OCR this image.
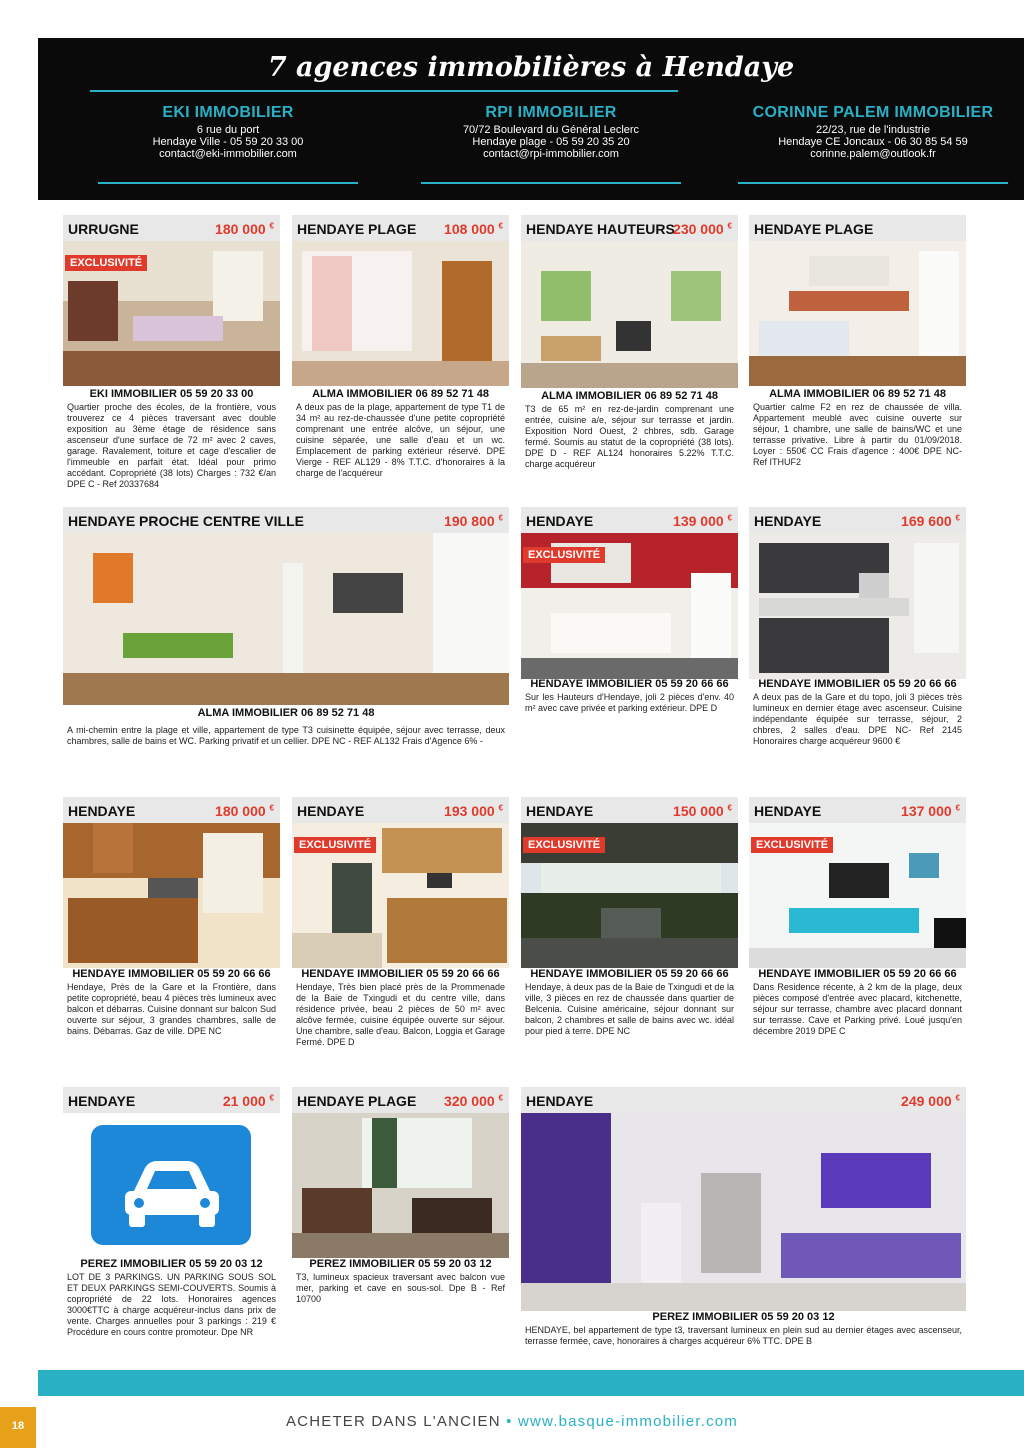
7 agences immobilières à Hendaye
EKI IMMOBILIER
6 rue du port
Hendaye Ville - 05 59 20 33 00
contact@eki-immobilier.com
RPI IMMOBILIER
70/72 Boulevard du Général Leclerc
Hendaye plage - 05 59 20 35 20
contact@rpi-immobilier.com
CORINNE PALEM IMMOBILIER
22/23, rue de l'industrie
Hendaye CE Joncaux - 06 30 85 54 59
corinne.palem@outlook.fr
URRUGNE	180 000 €
EXCLUSIVITÉ
EKI IMMOBILIER 05 59 20 33 00
Quartier proche des écoles, de la frontière, vous trouverez ce 4 pièces traversant avec double exposition au 3ème étage de résidence sans ascenseur d'une surface de 72 m² avec 2 caves, garage. Ravalement, toiture et cage d'escalier de l'immeuble en parfait état. Idéal pour primo accédant. Copropriété (38 lots) Charges : 732 €/an DPE C - Ref 20337684
HENDAYE PLAGE 108 000 €
ALMA IMMOBILIER 06 89 52 71 48
A deux pas de la plage, appartement de type T1 de 34 m² au rez-de-chaussée d'une petite copropriété comprenant une entrée alcôve, un séjour, une cuisine séparée, une salle d'eau et un wc. Emplacement de parking extérieur réservé. DPE Vierge - REF AL129 - 8% T.T.C. d'honoraires à la charge de l'acquéreur
HENDAYE HAUTEURS
230 000 €
ALMA IMMOBILIER 06 89 52 71 48
T3 de 65 m² en rez-de-jardin comprenant une entrée, cuisine a/e, séjour sur terrasse et jardin. Exposition Nord Ouest, 2 chbres, sdb. Garage fermé. Soumis au statut de la copropriété (38 lots). DPE D - REF AL124 honoraires 5.22% T.T.C. charge acquéreur
HENDAYE PLAGE
ALMA IMMOBILIER 06 89 52 71 48
Quartier calme F2 en rez de chaussée de villa. Appartement meublé avec cuisine ouverte sur séjour, 1 chambre, une salle de bains/WC et une terrasse privative. Libre à partir du 01/09/2018. Loyer : 550€ CC Frais d'agence : 400€ DPE NC- Ref ITHUF2
HENDAYE PROCHE CENTRE VILLE	190 800 €
ALMA IMMOBILIER 06 89 52 71 48
A mi-chemin entre la plage et ville, appartement de type T3 cuisinette équipée, séjour avec terrasse, deux chambres, salle de bains et WC. Parking privatif et un cellier. DPE NC - REF AL132 Frais d'Agence 6% -
HENDAYE	139 000 €
EXCLUSIVITÉ
HENDAYE IMMOBILIER 05 59 20 66 66
Sur les Hauteurs d'Hendaye, joli 2 pièces d'env. 40 m² avec cave privée et parking extérieur. DPE D
HENDAYE	169 600 €
HENDAYE IMMOBILIER 05 59 20 66 66
A deux pas de la Gare et du topo, joli 3 pièces très lumineux en dernier étage avec ascenseur. Cuisine indépendante équipée sur terrasse, séjour, 2 chbres, 2 salles d'eau. DPE NC- Ref 2145 Honoraires charge acquéreur 9600 €
HENDAYE	180 000 €
HENDAYE IMMOBILIER 05 59 20 66 66
Hendaye, Près de la Gare et la Frontière, dans petite copropriété, beau 4 pièces très lumineux avec balcon et débarras. Cuisine donnant sur balcon Sud ouverte sur séjour, 3 grandes chambres, salle de bains. Débarras. Gaz de ville. DPE NC
HENDAYE	193 000 €
EXCLUSIVITÉ
HENDAYE IMMOBILIER 05 59 20 66 66
Hendaye, Très bien placé près de la Prommenade de la Baie de Txingudi et du centre ville, dans résidence privée, beau 2 pièces de 50 m² avec alcôve fermée, cuisine équipée ouverte sur séjour. Une chambre, salle d'eau. Balcon, Loggia et Garage Fermé. DPE D
HENDAYE	150 000 €
EXCLUSIVITÉ
HENDAYE IMMOBILIER 05 59 20 66 66
Hendaye, à deux pas de la Baie de Txingudi et de la ville, 3 pièces en rez de chaussée dans quartier de Belcenia. Cuisine américaine, séjour donnant sur balcon, 2 chambres et salle de bains avec wc. idéal pour pied à terre. DPE NC
HENDAYE	137 000 €
EXCLUSIVITÉ
HENDAYE IMMOBILIER 05 59 20 66 66
Dans Residence récente, à 2 km de la plage, deux pièces composé d'entrée avec placard, kitchenette, séjour sur terrasse, chambre avec placard donnant sur terrasse. Cave et Parking privé. Loué jusqu'en décembre 2019 DPE C
HENDAYE	21 000 €
PEREZ IMMOBILIER 05 59 20 03 12
LOT DE 3 PARKINGS. UN PARKING SOUS SOL ET DEUX PARKINGS SEMI-COUVERTS. Soumis à copropriété de 22 lots. Honoraires agences 3000€TTC à charge acquéreur-inclus dans prix de vente. Charges annuelles pour 3 parkings : 219 € Procédure en cours contre promoteur. Dpe NR
HENDAYE PLAGE 320 000 €
PEREZ IMMOBILIER 05 59 20 03 12
T3, lumineux spacieux traversant avec balcon vue mer, parking et cave en sous-sol. Dpe B - Ref 10700
HENDAYE	249 000 €
PEREZ IMMOBILIER 05 59 20 03 12
HENDAYE, bel appartement de type t3, traversant lumineux en plein sud au dernier étages avec ascenseur, terrasse fermée, cave, honoraires à charges acquéreur 6% TTC. DPE B
18	ACHETER DANS L'ANCIEN • www.basque-immobilier.com
